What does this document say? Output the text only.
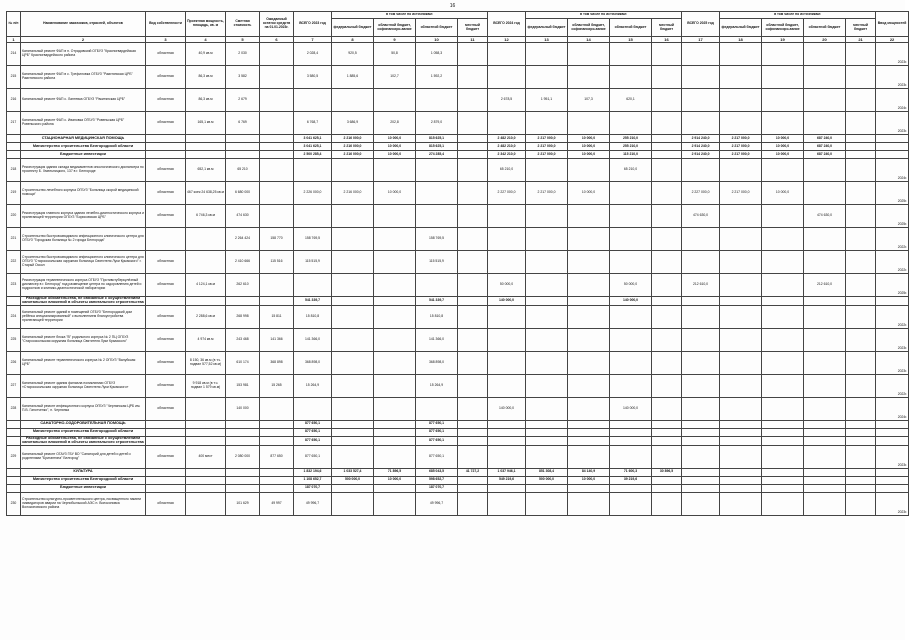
16
№ п/п	Наименование заказчиков, отраслей, объектов	Вид собственности	Проектная мощность, площадь, кв. м	Сметная стоимость	Ожидаемый остаток средств на 01.01.2023г.	ВСЕГО 2023 год	в том числе по источникам:				ВСЕГО 2024 год	в том числе по источникам:				ВСЕГО 2025 год	в том числе по источникам:				Ввод мощностей
							федеральный бюджет	областной бюджет, софинансиро-вание	областной бюджет	местный бюджет		федеральный бюджет	областной бюджет, софинансиро-вание	областной бюджет	местный бюджет		федеральный бюджет	областной бюджет, софинансиро-вание	областной бюджет	местный бюджет	
1	2	3	4	5	6	7	8	9	10	11	12	13	14	15	16	17	18	19	20	21	22
214	Капитальный ремонт ФАП в п. Отрадовский ОГБУЗ "Красногвардейская ЦРБ" Красногвардейского района	областная	40,9 кв.м	2 030		2 028,4	920,5	50,8	1 058,3												2023г.
215	Капитальный ремонт ФАП в с. Трефиловка ОГБУЗ "Ракитянская ЦРБ" Ракитянского района	областная	86,3 кв.м	3 582		3 580,5	1 885,6	102,7	1 592,2												2023г.
216	Капитальный ремонт ФАП с. Лаптевка ОГБУЗ "Ракитянская ЦРБ"	областная	86,3 кв.м	2 679							2 678,5	1 951,1	107,3	620,1							2024г.
217	Капитальный ремонт ФАП с. Ивановка ОГБУЗ "Ровеньская ЦРБ" Ровеньского района	областная	165,1 кв.м	6 769		6 768,7	3 686,9	202,8	2 879,0												2023г.
	СТАЦИОНАРНАЯ МЕДИЦИНСКАЯ ПОМОЩЬ					3 041 625,1	2 216 000,0	10 000,0	815 625,1		2 482 210,0	2 217 000,0	10 000,0	255 210,0		2 914 240,0	2 217 000,0	10 000,0	687 240,0		
	Министерство строительства Белгородской области					3 041 625,1	2 216 000,0	10 000,0	815 625,1		2 482 210,0	2 217 000,0	10 000,0	255 210,0		2 914 240,0	2 217 000,0	10 000,0	687 240,0		
	Бюджетные инвестиции					2 500 285,4	2 216 000,0	10 000,0	274 285,4		2 342 210,0	2 217 000,0	10 000,0	115 210,0		2 914 240,0	2 217 000,0	10 000,0	687 240,0		
218	Реконструкция здания склада медикаментов онкологического диспансера по проспекту Б. Хмельницкого, 137 в г. Белгороде	областная	652,1 кв.м	65 210							65 210,0			65 210,0							2024г.
219	Строительство лечебного корпуса ОГБУЗ "Больница скорой медицинской помощи"	областная	467 коек 24 638,25 кв.м	6 680 000		2 226 000,0	2 216 000,0	10 000,0			2 227 000,0	2 217 000,0	10 000,0			2 227 000,0	2 217 000,0	10 000,0			2025г.
220	Реконструкция главного корпуса здания лечебно-диагностического корпуса и прилегающей территории ОГБУЗ "Борисовская ЦРБ"	областная	6 746,3 кв.м	474 630												474 630,0			474 630,0		2025г.
221	Строительство быстровозводимого инфекционного клинического центра для ОГБУЗ "Городская больница № 2 города Белгорода"			2 264 424	158 770	158 769,5			158 769,5												2022г.
222	Строительство быстровозводимого инфекционного клинического центра для ОГБУЗ "Старооскольская окружная больница Святителя Луки Крымского" г. Старый Оскол	областная		2 410 666	115 516	115 515,9			115 515,9												2022г.
223	Реконструкция терапевтического корпуса ОГБУЗ "Противотуберкулёзный диспансер в г. Белгород" под размещение центра по оздоровлению детей и подростков и клинико-диагностической лаборатории	областная	4 124,1 кв.м	262 610							50 000,0			50 000,0		212 610,0			212 610,0		2025г.
	Расходные обязательства, не связанные с осуществлением капитальных вложений в объекты капитального строительства					541 339,7			541 339,7		140 000,0			140 000,0							
224	Капитальный ремонт зданий в помещений ОГБУЗ "Белгородский дом ребёнка специализированный" с выполнением благоустройства прилегающей территории	областная	2 288,6 кв.м	268 998	15 811	15 810,8			15 810,8												2022г.
225	Капитальный ремонт блока "В" родильного корпуса № 2 ПЦ ОГБУЗ "Старооскольская окружная больница Святителя Луки Крымского"	областная	4 974 кв.м	243 468	141 366	141 366,0			141 366,0												2023г.
226	Капитальный ремонт терапевтического корпуса № 2 ОГБУЗ "Валуйская ЦРБ"	областная	8 150, 36 кв.м (в т.ч. подвал 577,52 кв.м)	610 174	368 898	368 898,0			368 898,0												2023г.
227	Капитальный ремонт здания филиала поликлиники ОГБУЗ «Старооскольская окружная больница Святителя Луки Крымского»	областная	9 918 кв.м (в т.ч. подвал 1 579 кв.м)	153 981	15 265	15 264,9			15 264,9												2022г.
228	Капитальный ремонт инфекционного корпуса ОГБУЗ "Чернянская ЦРБ им. П.В. Гапотченко", п. Чернянка	областная		140 000							140 000,0			140 000,0							2024г.
	САНАТОРНО-ОЗДОРОВИТЕЛЬНАЯ ПОМОЩЬ					877 650,1			877 650,1												
	Министерство строительства Белгородской области					877 650,1			877 650,1												
	Расходные обязательства, не связанные с осуществлением капитальных вложений в объекты капитального строительства					877 650,1			877 650,1												
229	Капитальный ремонт ОГАУЗ ГБУ ВО "Санаторий для детей и детей с родителями "Бригантина" Белгород"	областная	400 мест	2 080 000	877 650	877 650,1			877 650,1												2023г.
	КУЛЬТУРА					1 832 194,6	1 033 527,4	71 896,5	685 043,5	41 727,2	1 037 946,1	851 308,4	84 140,9	71 600,3	30 896,5						
	Министерство строительства Белгородской области					1 108 652,7	500 000,0	10 000,0	598 652,7		549 219,6	500 000,0	10 000,0	39 219,6							
	Бюджетные инвестиции					187 070,7			187 070,7												
230	Строительство культурно-просветительского центра, посвященного памяти ликвидаторов аварии на Чернобыльской АЭС п. Волоконовка Волоконовского района	областная		101 629	49 997	49 996,7			49 996,7												2023г.
